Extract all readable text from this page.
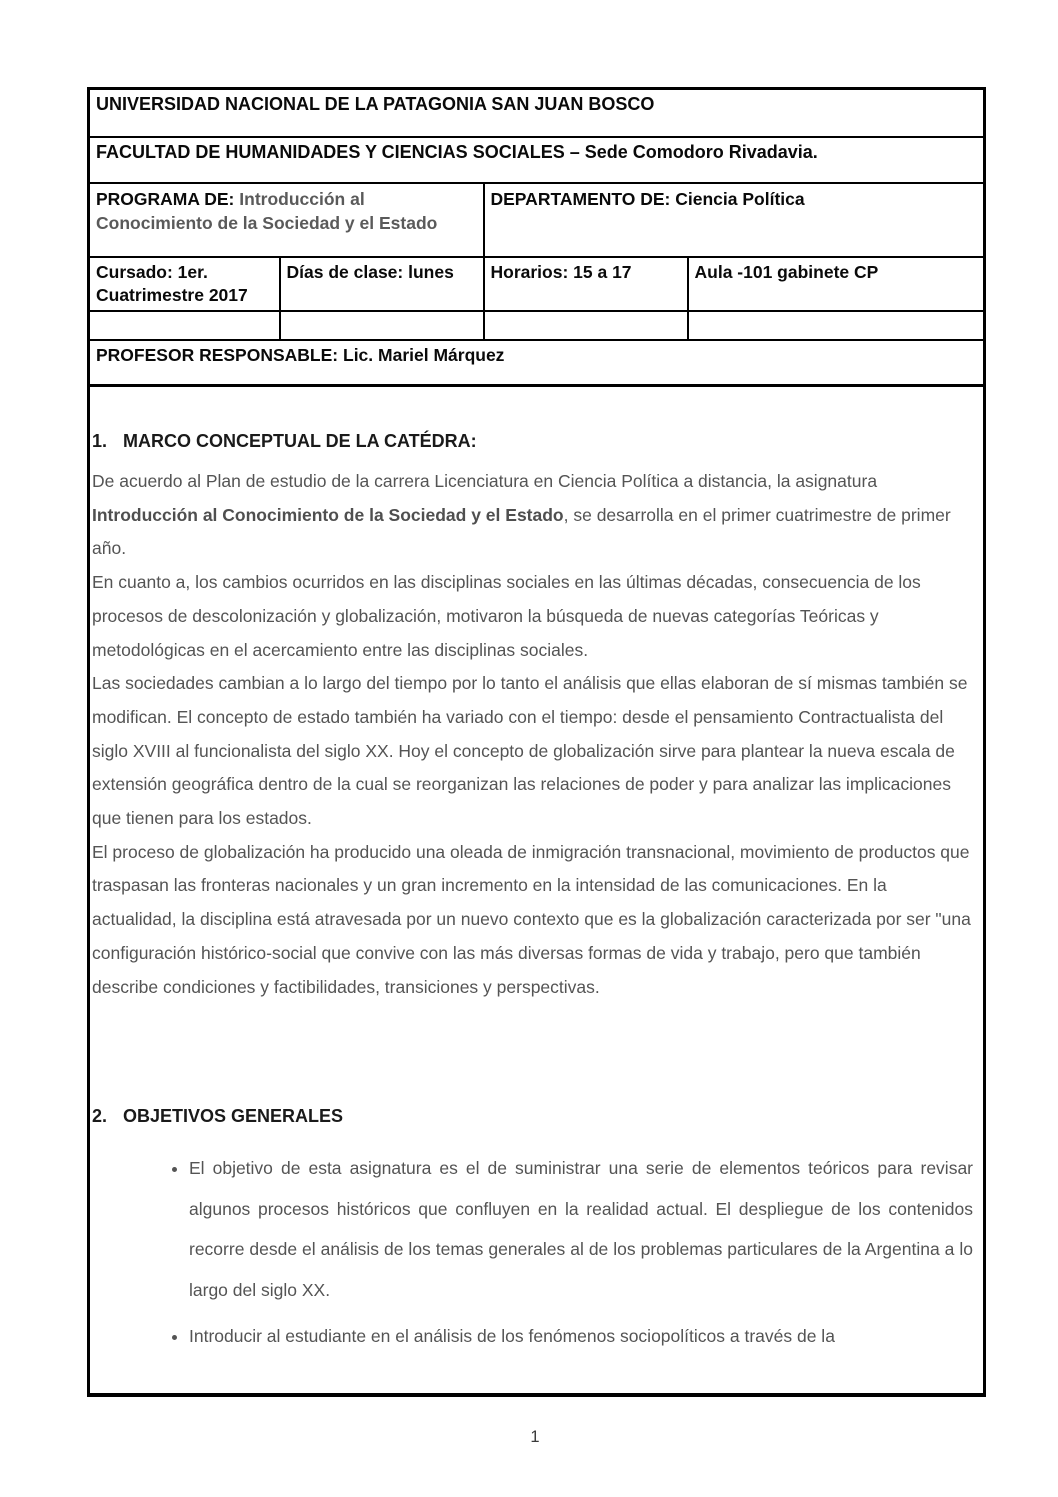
UNIVERSIDAD NACIONAL DE LA PATAGONIA SAN JUAN BOSCO			
FACULTAD DE HUMANIDADES Y CIENCIAS SOCIALES – Sede Comodoro Rivadavia.			
PROGRAMA DE: Introducción al Conocimiento de la Sociedad y el Estado		DEPARTAMENTO DE: Ciencia Política	
Cursado: 1er. Cuatrimestre 2017	Días de clase: lunes	Horarios: 15 a 17	Aula -101 gabinete CP

PROFESOR RESPONSABLE: Lic. Mariel Márquez			

1. MARCO CONCEPTUAL DE LA CATÉDRA:

De acuerdo al Plan de estudio de la carrera Licenciatura en Ciencia Política a distancia, la asignatura Introducción al Conocimiento de la Sociedad y el Estado, se desarrolla en el primer cuatrimestre de primer año.

En cuanto a, los cambios ocurridos en las disciplinas sociales en las últimas décadas, consecuencia de los procesos de descolonización y globalización, motivaron la búsqueda de nuevas categorías Teóricas y metodológicas en el acercamiento entre las disciplinas sociales.

Las sociedades cambian a lo largo del tiempo por lo tanto el análisis que ellas elaboran de sí mismas también se modifican. El concepto de estado también ha variado con el tiempo: desde el pensamiento Contractualista del siglo XVIII al funcionalista del siglo XX. Hoy el concepto de globalización sirve para plantear la nueva escala de extensión geográfica dentro de la cual se reorganizan las relaciones de poder y para analizar las implicaciones que tienen para los estados.

El proceso de globalización ha producido una oleada de inmigración transnacional, movimiento de productos que traspasan las fronteras nacionales y un gran incremento en la intensidad de las comunicaciones. En la actualidad, la disciplina está atravesada por un nuevo contexto que es la globalización caracterizada por ser "una configuración histórico-social que convive con las más diversas formas de vida y trabajo, pero que también describe condiciones y factibilidades, transiciones y perspectivas.

2. OBJETIVOS GENERALES
• El objetivo de esta asignatura es el de suministrar una serie de elementos teóricos para revisar algunos procesos históricos que confluyen en la realidad actual. El despliegue de los contenidos recorre desde el análisis de los temas generales al de los problemas particulares de la Argentina a lo largo del siglo XX.
• Introducir al estudiante en el análisis de los fenómenos sociopolíticos a través de la
1
